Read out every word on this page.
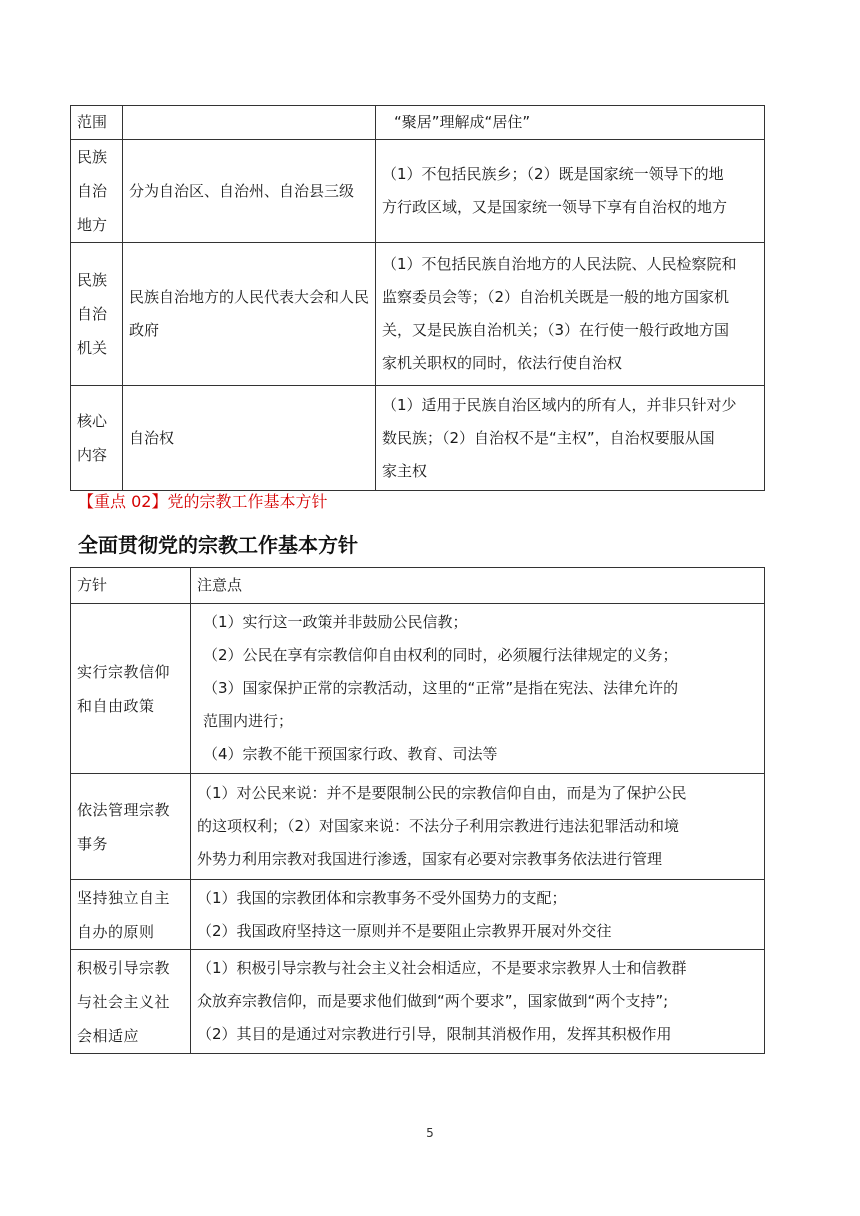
范围		“聚居”理解成“居住”

民族自治地方	分为自治区、自治州、自治县三级	（1）不包括民族乡；（2）既是国家统一领导下的地
方行政区域，又是国家统一领导下享有自治权的地方

民族自治机关	民族自治地方的人民代表大会和人民政府	（1）不包括民族自治地方的人民法院、人民检察院和
监察委员会等；（2）自治机关既是一般的地方国家机
关，又是民族自治机关；（3）在行使一般行政地方国
家机关职权的同时，依法行使自治权

核心内容	自治权	（1）适用于民族自治区域内的所有人，并非只针对少
数民族；（2）自治权不是“主权”，自治权要服从国
家主权
【重点 02】党的宗教工作基本方针
全面贯彻党的宗教工作基本方针
方针	注意点
实行宗教信仰和自由政策	（1）实行这一政策并非鼓励公民信教；
（2）公民在享有宗教信仰自由权利的同时，必须履行法律规定的义务；
（3）国家保护正常的宗教活动，这里的“正常”是指在宪法、法律允许的
范围内进行；
（4）宗教不能干预国家行政、教育、司法等

依法管理宗教事务	（1）对公民来说：并不是要限制公民的宗教信仰自由，而是为了保护公民
的这项权利；（2）对国家来说：不法分子利用宗教进行违法犯罪活动和境
外势力利用宗教对我国进行渗透，国家有必要对宗教事务依法进行管理

坚持独立自主自办的原则	（1）我国的宗教团体和宗教事务不受外国势力的支配；
（2）我国政府坚持这一原则并不是要阻止宗教界开展对外交往

积极引导宗教与社会主义社会相适应	（1）积极引导宗教与社会主义社会相适应，不是要求宗教界人士和信教群
众放弃宗教信仰，而是要求他们做到“两个要求”，国家做到“两个支持”;
（2）其目的是通过对宗教进行引导，限制其消极作用，发挥其积极作用
5
